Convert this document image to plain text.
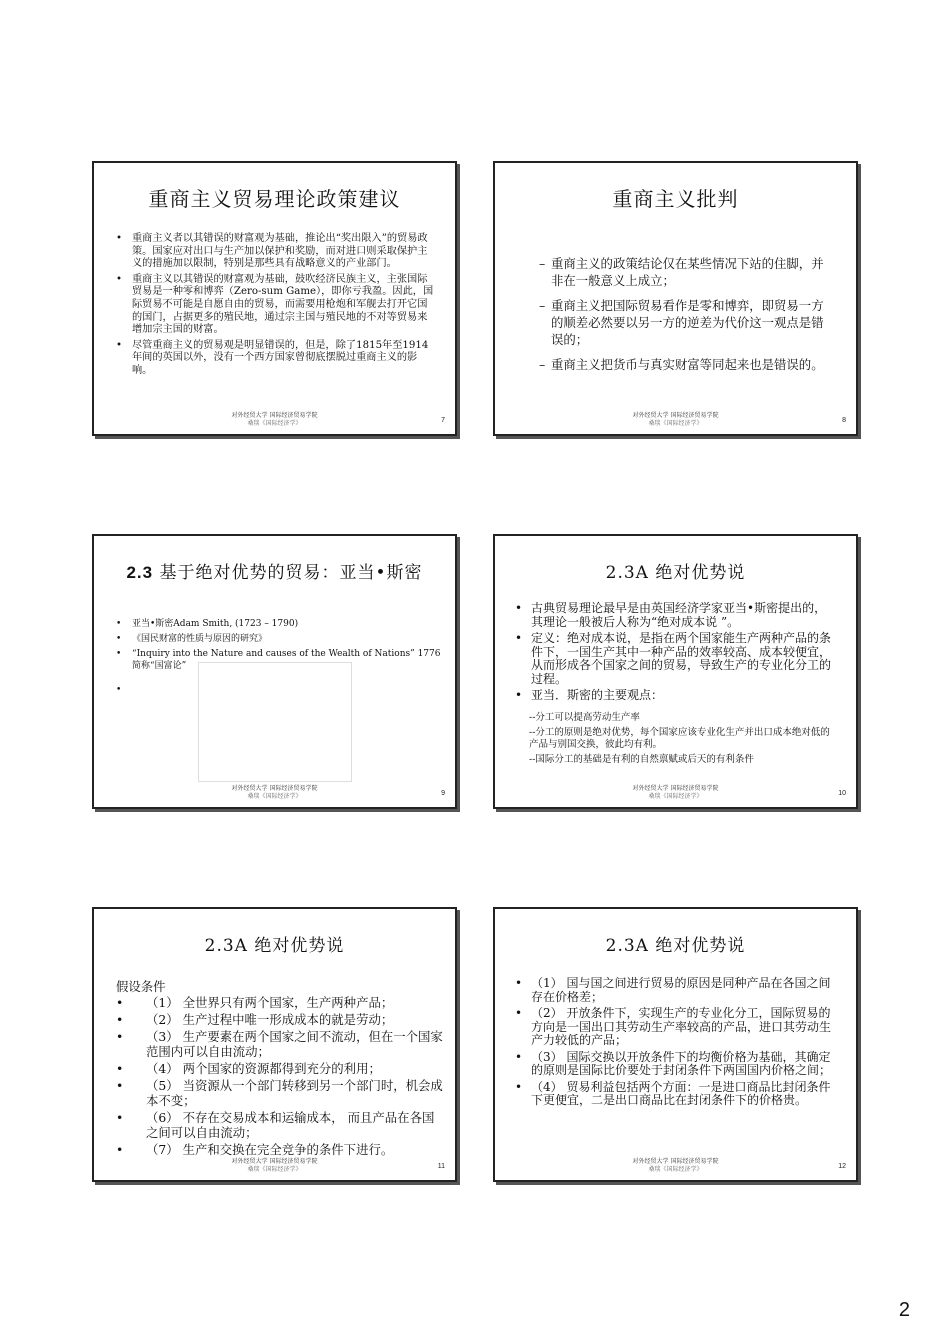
重商主义贸易理论政策建议
• 重商主义者以其错误的财富观为基础，推论出“奖出限入”的贸易政策。国家应对出口与生产加以保护和奖励，而对进口则采取保护主义的措施加以限制，特别是那些具有战略意义的产业部门。
• 重商主义以其错误的财富观为基础，鼓吹经济民族主义，主张国际贸易是一种零和博弈（Zero-sum Game），即你亏我盈。因此，国际贸易不可能是自愿自由的贸易，而需要用枪炮和军舰去打开它国的国门，占据更多的殖民地，通过宗主国与殖民地的不对等贸易来增加宗主国的财富。
• 尽管重商主义的贸易观是明显错误的，但是，除了1815年至1914年间的英国以外，没有一个西方国家曾彻底摆脱过重商主义的影响。
对外经贸大学 国际经济贸易学院
桑琰《国际经济学》	7
重商主义批判
– 重商主义的政策结论仅在某些情况下站的住脚，并非在一般意义上成立；
– 重商主义把国际贸易看作是零和博弈，即贸易一方的顺差必然要以另一方的逆差为代价这一观点是错误的；
– 重商主义把货币与真实财富等同起来也是错误的。
对外经贸大学 国际经济贸易学院
桑琰《国际经济学》	8
2.3 基于绝对优势的贸易：亚当•斯密
• 亚当•斯密Adam Smith, (1723 – 1790)
• 《国民财富的性质与原因的研究》
• “Inquiry into the Nature and causes of the Wealth of Nations” 1776 简称“国富论”
对外经贸大学 国际经济贸易学院
桑琰《国际经济学》	9
2.3A 绝对优势说
• 古典贸易理论最早是由英国经济学家亚当•斯密提出的，其理论一般被后人称为“绝对成本说 ”。
• 定义：绝对成本说，是指在两个国家能生产两种产品的条件下，一国生产其中一种产品的效率较高、成本较便宜，从而形成各个国家之间的贸易，导致生产的专业化分工的过程。
• 亚当．斯密的主要观点：
--分工可以提高劳动生产率
--分工的原则是绝对优势，每个国家应该专业化生产并出口成本绝对低的产品与别国交换，彼此均有利。
--国际分工的基础是有利的自然禀赋或后天的有利条件
对外经贸大学 国际经济贸易学院
桑琰《国际经济学》	10
2.3A 绝对优势说
假设条件
• （1） 全世界只有两个国家，生产两种产品；
• （2） 生产过程中唯一形成成本的就是劳动；
• （3） 生产要素在两个国家之间不流动，但在一个国家范围内可以自由流动；
• （4） 两个国家的资源都得到充分的利用；
• （5） 当资源从一个部门转移到另一个部门时，机会成本不变；
• （6） 不存在交易成本和运输成本， 而且产品在各国之间可以自由流动；
• （7） 生产和交换在完全竞争的条件下进行。
对外经贸大学 国际经济贸易学院
桑琰《国际经济学》	11
2.3A 绝对优势说
• （1） 国与国之间进行贸易的原因是同种产品在各国之间存在价格差；
• （2） 开放条件下，实现生产的专业化分工，国际贸易的方向是一国出口其劳动生产率较高的产品，进口其劳动生产力较低的产品；
• （3） 国际交换以开放条件下的均衡价格为基础，其确定的原则是国际比价要处于封闭条件下两国国内价格之间；
• （4） 贸易利益包括两个方面：一是进口商品比封闭条件下更便宜，二是出口商品比在封闭条件下的价格贵。
对外经贸大学 国际经济贸易学院
桑琰《国际经济学》	12
2
